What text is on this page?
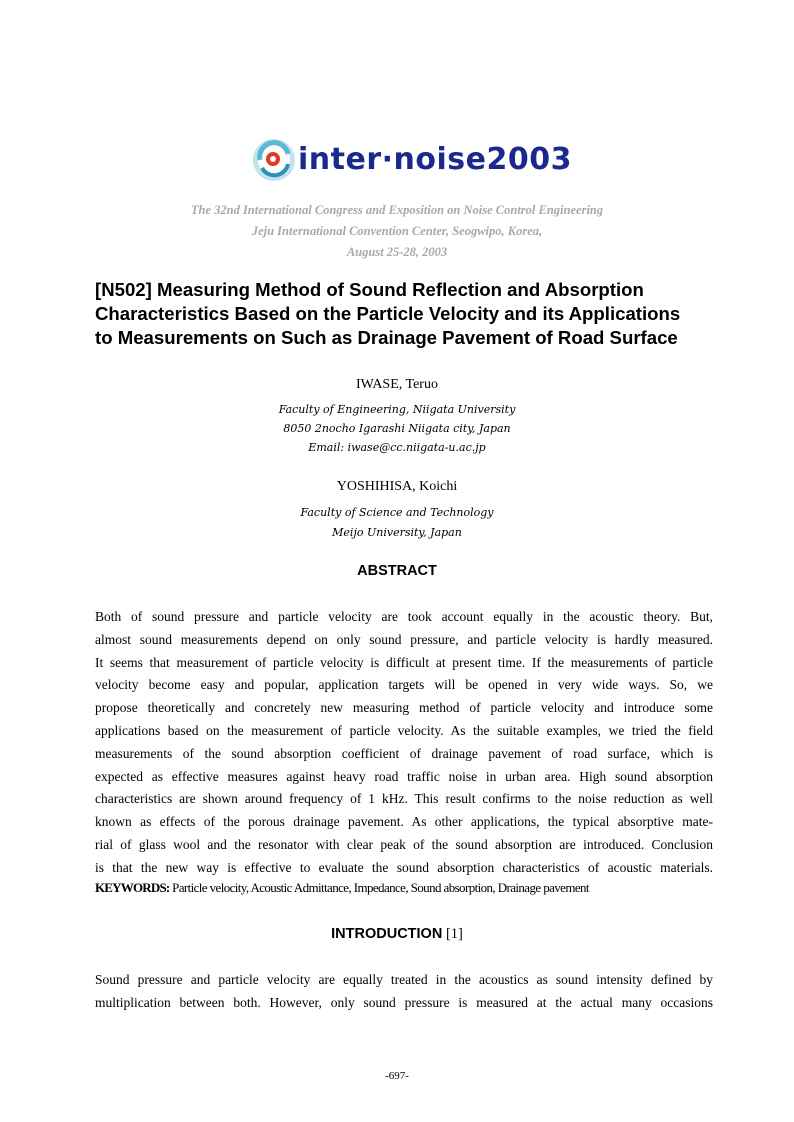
inter·noise2003
The 32nd International Congress and Exposition on Noise Control Engineering
Jeju International Convention Center, Seogwipo, Korea,
August 25-28, 2003
[N502] Measuring Method of Sound Reflection and Absorption
Characteristics Based on the Particle Velocity and its Applications
to Measurements on Such as Drainage Pavement of Road Surface
IWASE, Teruo
Faculty of Engineering, Niigata University
8050 2nocho Igarashi Niigata city, Japan
Email: iwase@cc.niigata-u.ac.jp
YOSHIHISA, Koichi
Faculty of Science and Technology
Meijo University, Japan
ABSTRACT
Both of sound pressure and particle velocity are took account equally in the acoustic theory. But,
almost sound measurements depend on only sound pressure, and particle velocity is hardly measured.
It seems that measurement of particle velocity is difficult at present time. If the measurements of particle
velocity become easy and popular, application targets will be opened in very wide ways. So, we
propose theoretically and concretely new measuring method of particle velocity and introduce some
applications based on the measurement of particle velocity. As the suitable examples, we tried the field
measurements of the sound absorption coefficient of drainage pavement of road surface, which is
expected as effective measures against heavy road traffic noise in urban area. High sound absorption
characteristics are shown around frequency of 1 kHz. This result confirms to the noise reduction as well
known as effects of the porous drainage pavement. As other applications, the typical absorptive mate-
rial of glass wool and the resonator with clear peak of the sound absorption are introduced. Conclusion
is that the new way is effective to evaluate the sound absorption characteristics of acoustic materials.
KEYWORDS: Particle velocity, Acoustic Admittance, Impedance, Sound absorption, Drainage pavement
INTRODUCTION [1]
Sound pressure and particle velocity are equally treated in the acoustics as sound intensity defined by
multiplication between both. However, only sound pressure is measured at the actual many occasions
-697-
